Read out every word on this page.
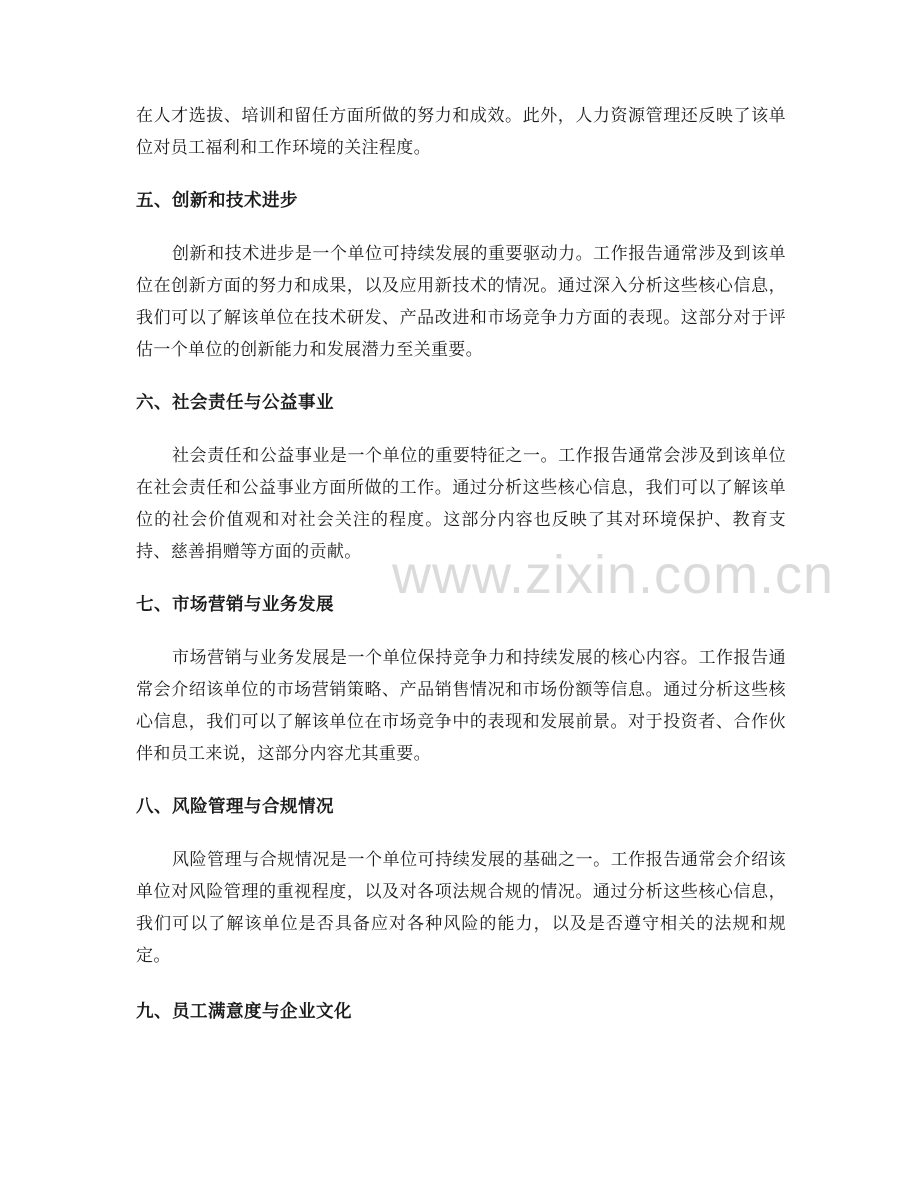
在人才选拔、培训和留任方面所做的努力和成效。此外，人力资源管理还反映了该单位对员工福利和工作环境的关注程度。

五、创新和技术进步

创新和技术进步是一个单位可持续发展的重要驱动力。工作报告通常涉及到该单位在创新方面的努力和成果，以及应用新技术的情况。通过深入分析这些核心信息，我们可以了解该单位在技术研发、产品改进和市场竞争力方面的表现。这部分对于评估一个单位的创新能力和发展潜力至关重要。

六、社会责任与公益事业

社会责任和公益事业是一个单位的重要特征之一。工作报告通常会涉及到该单位在社会责任和公益事业方面所做的工作。通过分析这些核心信息，我们可以了解该单位的社会价值观和对社会关注的程度。这部分内容也反映了其对环境保护、教育支持、慈善捐赠等方面的贡献。

七、市场营销与业务发展

市场营销与业务发展是一个单位保持竞争力和持续发展的核心内容。工作报告通常会介绍该单位的市场营销策略、产品销售情况和市场份额等信息。通过分析这些核心信息，我们可以了解该单位在市场竞争中的表现和发展前景。对于投资者、合作伙伴和员工来说，这部分内容尤其重要。

八、风险管理与合规情况

风险管理与合规情况是一个单位可持续发展的基础之一。工作报告通常会介绍该单位对风险管理的重视程度，以及对各项法规合规的情况。通过分析这些核心信息，我们可以了解该单位是否具备应对各种风险的能力，以及是否遵守相关的法规和规定。

九、员工满意度与企业文化
www.zixin.com.cn
